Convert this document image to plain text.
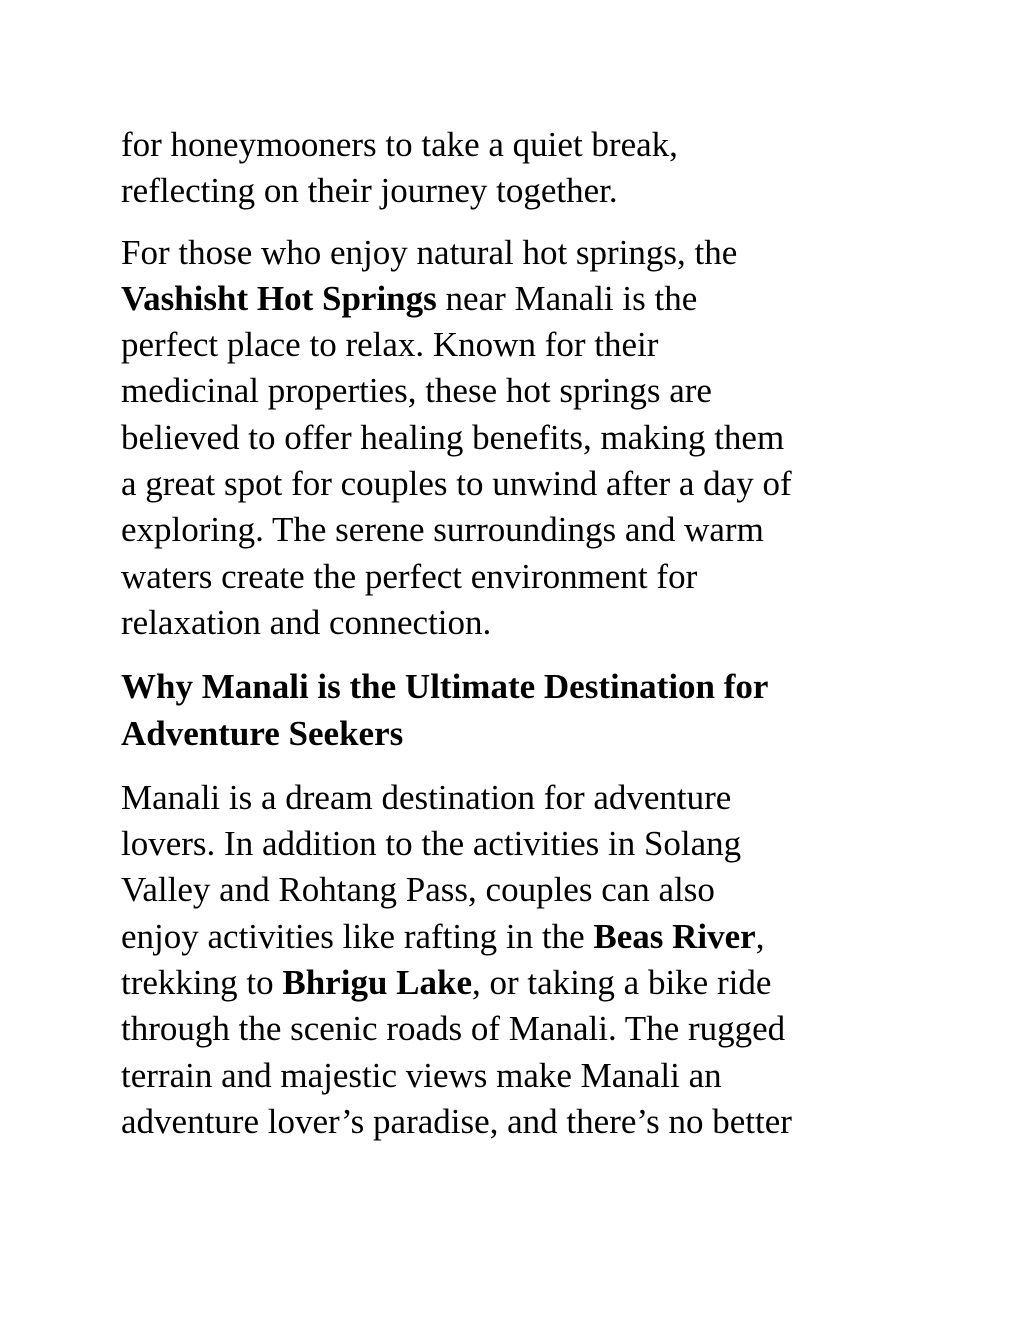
for honeymooners to take a quiet break,
reflecting on their journey together.

For those who enjoy natural hot springs, the
Vashisht Hot Springs near Manali is the
perfect place to relax. Known for their
medicinal properties, these hot springs are
believed to offer healing benefits, making them
a great spot for couples to unwind after a day of
exploring. The serene surroundings and warm
waters create the perfect environment for
relaxation and connection.

Why Manali is the Ultimate Destination for
Adventure Seekers

Manali is a dream destination for adventure
lovers. In addition to the activities in Solang
Valley and Rohtang Pass, couples can also
enjoy activities like rafting in the Beas River,
trekking to Bhrigu Lake, or taking a bike ride
through the scenic roads of Manali. The rugged
terrain and majestic views make Manali an
adventure lover’s paradise, and there’s no better
